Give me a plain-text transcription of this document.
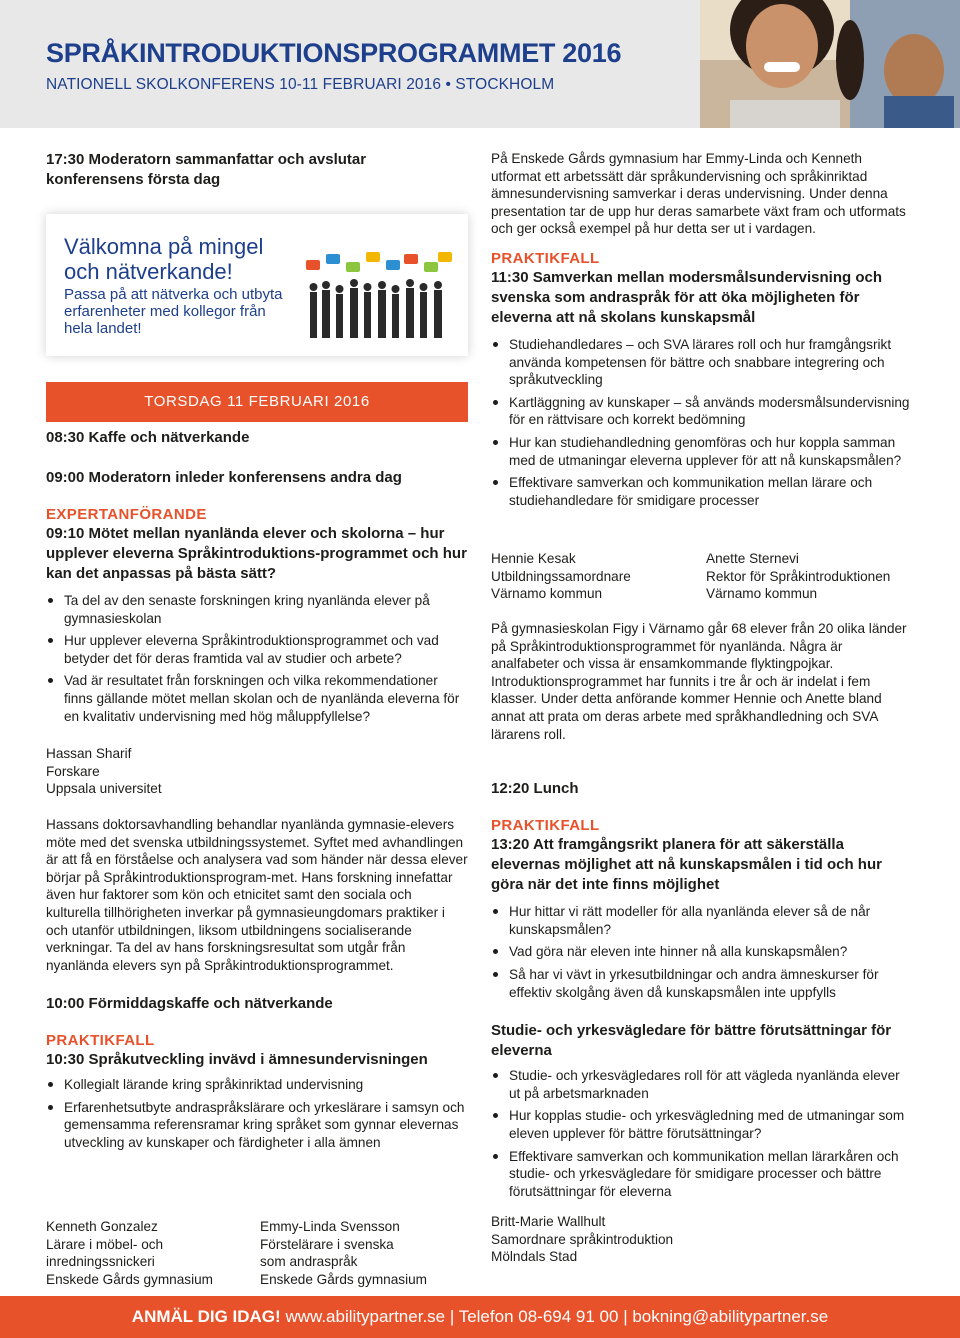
SPRÅKINTRODUKTIONSPROGRAMMET 2016
NATIONELL SKOLKONFERENS 10-11 FEBRUARI 2016 • STOCKHOLM
17:30 Moderatorn sammanfattar och avslutar konferensens första dag
Välkomna på mingel och nätverkande!
Passa på att nätverka och utbyta erfarenheter med kollegor från hela landet!
TORSDAG 11 FEBRUARI 2016
08:30 Kaffe och nätverkande
09:00 Moderatorn inleder konferensens andra dag
EXPERTANFÖRANDE
09:10 Mötet mellan nyanlända elever och skolorna – hur upplever eleverna Språkintroduktions-programmet och hur kan det anpassas på bästa sätt?
Ta del av den senaste forskningen kring nyanlända elever på gymnasieskolan
Hur upplever eleverna Språkintroduktionsprogrammet och vad betyder det för deras framtida val av studier och arbete?
Vad är resultatet från forskningen och vilka rekommendationer finns gällande mötet mellan skolan och de nyanlända eleverna för en kvalitativ undervisning med hög måluppfyllelse?
Hassan Sharif
Forskare
Uppsala universitet
Hassans doktorsavhandling behandlar nyanlända gymnasie-elevers möte med det svenska utbildningssystemet. Syftet med avhandlingen är att få en förståelse och analysera vad som händer när dessa elever börjar på Språkintroduktionsprogram-met. Hans forskning innefattar även hur faktorer som kön och etnicitet samt den sociala och kulturella tillhörigheten inverkar på gymnasieungdomars praktiker i och utanför utbildningen, liksom utbildningens socialiserande verkningar. Ta del av hans forskningsresultat som utgår från nyanlända elevers syn på Språkintroduktionsprogrammet.
10:00 Förmiddagskaffe och nätverkande
PRAKTIKFALL
10:30 Språkutveckling invävd i ämnesundervisningen
Kollegialt lärande kring språkinriktad undervisning
Erfarenhetsutbyte andraspråkslärare och yrkeslärare i samsyn och gemensamma referensramar kring språket som gynnar elevernas utveckling av kunskaper och färdigheter i alla ämnen
Kenneth Gonzalez
Lärare i möbel- och inredningssnickeri
Enskede Gårds gymnasium
Emmy-Linda Svensson
Förstelärare i svenska som andraspråk
Enskede Gårds gymnasium
På Enskede Gårds gymnasium har Emmy-Linda och Kenneth utformat ett arbetssätt där språkundervisning och språkinriktad ämnesundervisning samverkar i deras undervisning. Under denna presentation tar de upp hur deras samarbete växt fram och utformats och ger också exempel på hur detta ser ut i vardagen.
PRAKTIKFALL
11:30 Samverkan mellan modersmålsundervisning och svenska som andraspråk för att öka möjligheten för eleverna att nå skolans kunskapsmål
Studiehandledares – och SVA lärares roll och hur framgångsrikt använda kompetensen för bättre och snabbare integrering och språkutveckling
Kartläggning av kunskaper – så används modersmålsundervisning för en rättvisare och korrekt bedömning
Hur kan studiehandledning genomföras och hur koppla samman med de utmaningar eleverna upplever för att nå kunskapsmålen?
Effektivare samverkan och kommunikation mellan lärare och studiehandledare för smidigare processer
Hennie Kesak
Utbildningssamordnare
Värnamo kommun
Anette Sternevi
Rektor för Språkintroduktionen
Värnamo kommun
På gymnasieskolan Figy i Värnamo går 68 elever från 20 olika länder på Språkintroduktionsprogrammet för nyanlända. Några är analfabeter och vissa är ensamkommande flyktingpojkar. Introduktionsprogrammet har funnits i tre år och är indelat i fem klasser. Under detta anförande kommer Hennie och Anette bland annat att prata om deras arbete med språkhandledning och SVA lärarens roll.
12:20 Lunch
PRAKTIKFALL
13:20 Att framgångsrikt planera för att säkerställa elevernas möjlighet att nå kunskapsmålen i tid och hur göra när det inte finns möjlighet
Hur hittar vi rätt modeller för alla nyanlända elever så de når kunskapsmålen?
Vad göra när eleven inte hinner nå alla kunskapsmålen?
Så har vi vävt in yrkesutbildningar och andra ämneskurser för effektiv skolgång även då kunskapsmålen inte uppfylls
Studie- och yrkesvägledare för bättre förutsättningar för eleverna
Studie- och yrkesvägledares roll för att vägleda nyanlända elever ut på arbetsmarknaden
Hur kopplas studie- och yrkesvägledning med de utmaningar som eleven upplever för bättre förutsättningar?
Effektivare samverkan och kommunikation mellan lärarkåren och studie- och yrkesvägledare för smidigare processer och bättre förutsättningar för eleverna
Britt-Marie Wallhult
Samordnare språkintroduktion
Mölndals Stad
ANMÄL DIG IDAG! www.abilitypartner.se | Telefon 08-694 91 00 | bokning@abilitypartner.se
